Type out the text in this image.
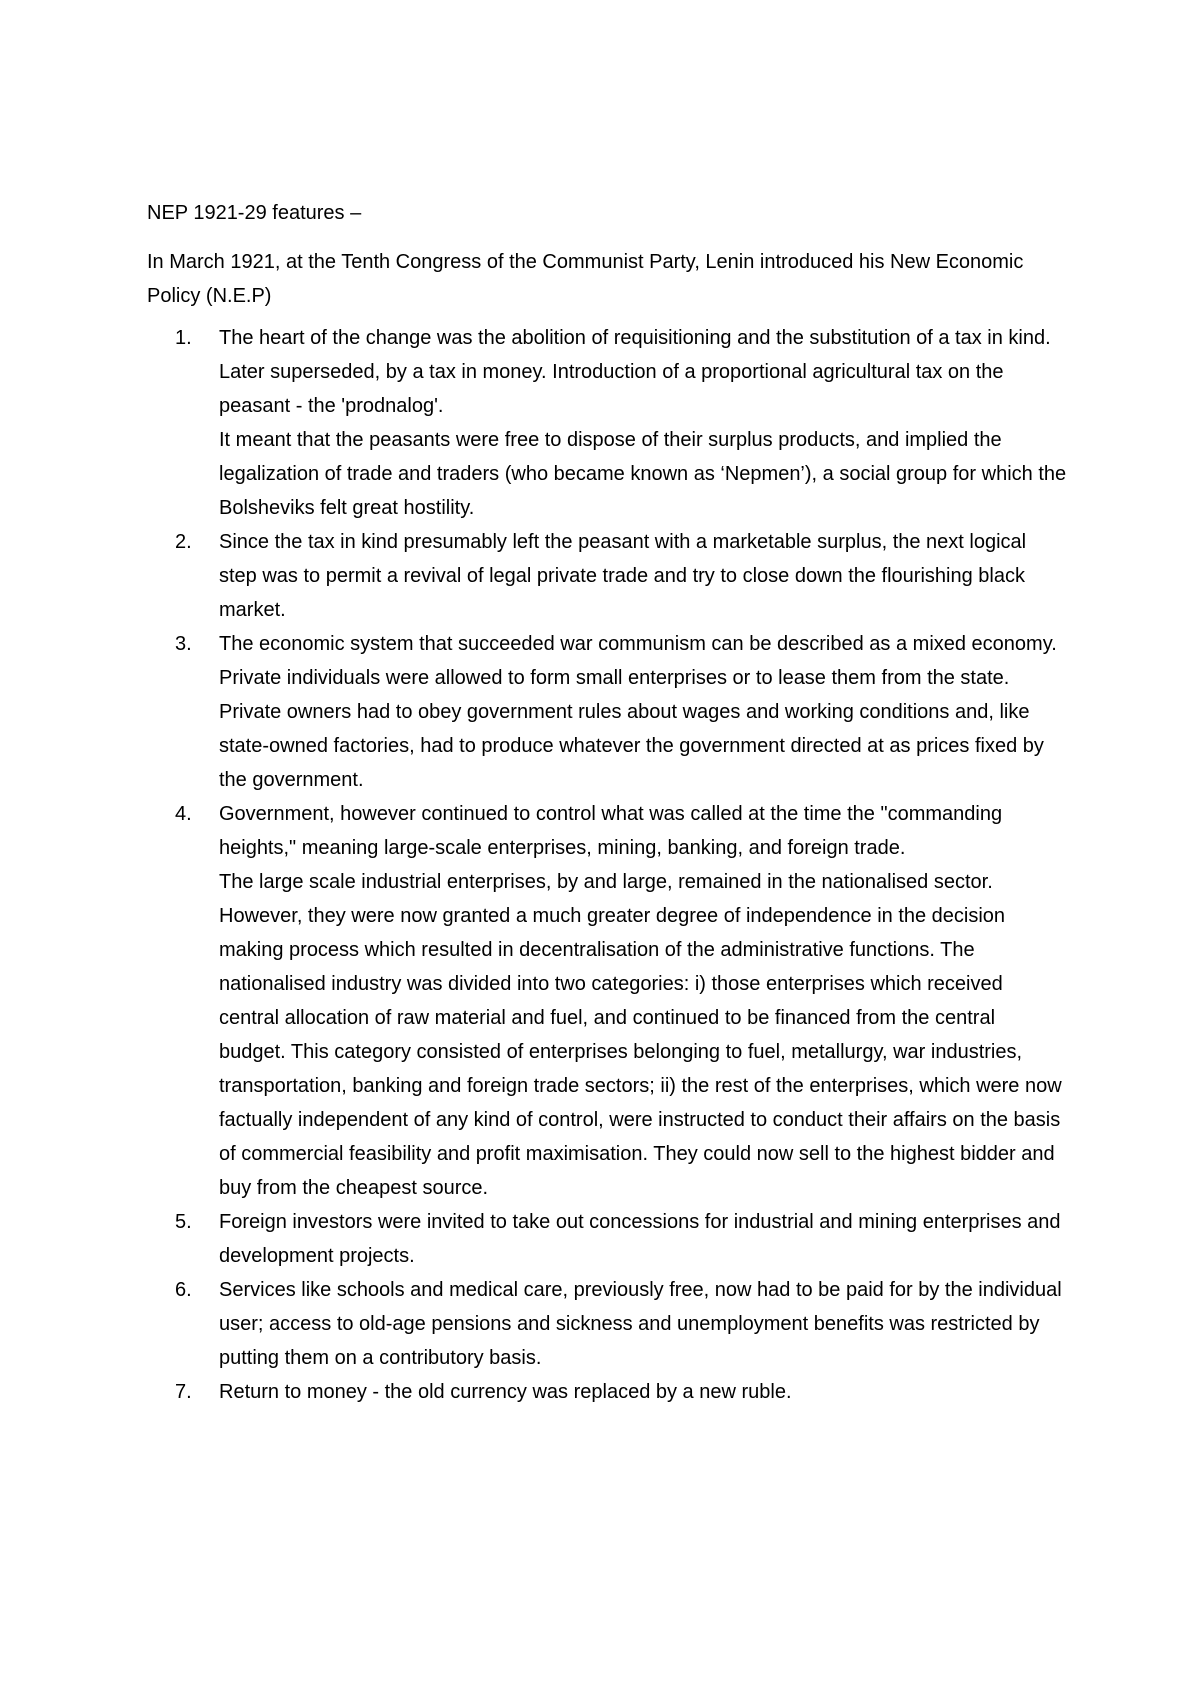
NEP 1921-29 features –

In March 1921, at the Tenth Congress of the Communist Party, Lenin introduced his New Economic Policy (N.E.P)

1.	The heart of the change was the abolition of requisitioning and the substitution of a tax in kind. Later superseded, by a tax in money. Introduction of a proportional agricultural tax on the peasant - the 'prodnalog'.
It meant that the peasants were free to dispose of their surplus products, and implied the legalization of trade and traders (who became known as ‘Nepmen’), a social group for which the Bolsheviks felt great hostility.
2.	Since the tax in kind presumably left the peasant with a marketable surplus, the next logical step was to permit a revival of legal private trade and try to close down the flourishing black market.
3.	The economic system that succeeded war communism can be described as a mixed economy. Private individuals were allowed to form small enterprises or to lease them from the state. Private owners had to obey government rules about wages and working conditions and, like state-owned factories, had to produce whatever the government directed at as prices fixed by the government.
4.	Government, however continued to control what was called at the time the "commanding heights," meaning large-scale enterprises, mining, banking, and foreign trade.
The large scale industrial enterprises, by and large, remained in the nationalised sector. However, they were now granted a much greater degree of independence in the decision making process which resulted in decentralisation of the administrative functions. The nationalised industry was divided into two categories: i) those enterprises which received central allocation of raw material and fuel, and continued to be financed from the central budget. This category consisted of enterprises belonging to fuel, metallurgy, war industries, transportation, banking and foreign trade sectors; ii) the rest of the enterprises, which were now factually independent of any kind of control, were instructed to conduct their affairs on the basis of commercial feasibility and profit maximisation. They could now sell to the highest bidder and buy from the cheapest source.
5.	Foreign investors were invited to take out concessions for industrial and mining enterprises and development projects.
6.	Services like schools and medical care, previously free, now had to be paid for by the individual user; access to old-age pensions and sickness and unemployment benefits was restricted by putting them on a contributory basis.
7.	Return to money - the old currency was replaced by a new ruble.
